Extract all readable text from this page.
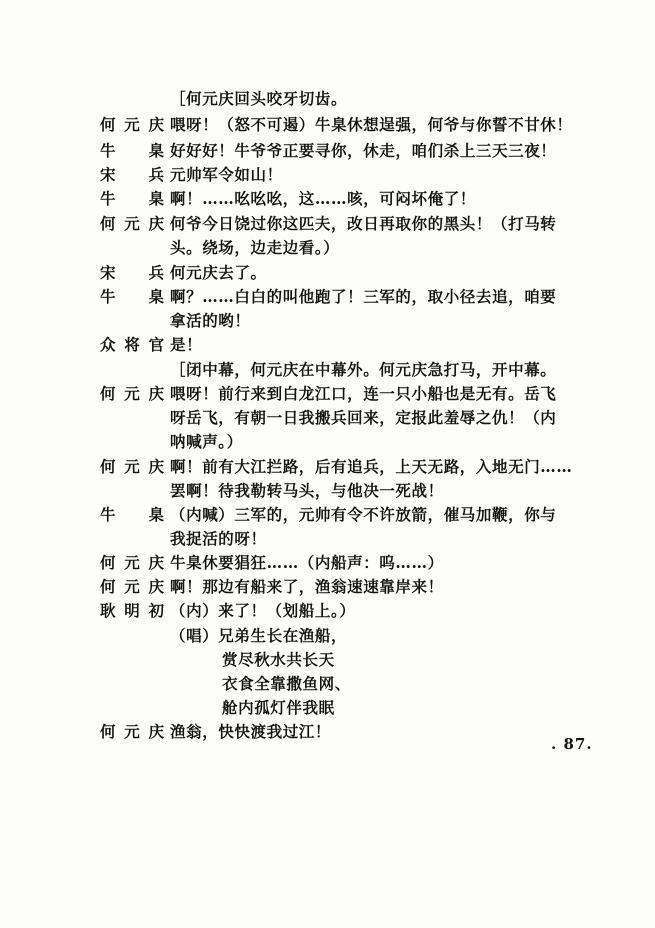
［何元庆回头咬牙切齿。
何元庆 喂呀！（怒不可遏）牛臬休想逞强，何爷与你誓不甘休！
牛　臬 好好好！牛爷爷正要寻你，休走，咱们杀上三天三夜！
宋　兵 元帅军令如山！
牛　臬 啊！……吆吆吆，这……咳，可闷坏俺了！
何元庆 何爷今日饶过你这匹夫，改日再取你的黑头！（打马转
头。绕场，边走边看。）
宋　兵 何元庆去了。
牛　臬 啊？……白白的叫他跑了！三军的，取小径去追，咱要
拿活的哟！
众将官 是！
［闭中幕，何元庆在中幕外。何元庆急打马，开中幕。
何元庆 喂呀！前行来到白龙江口，连一只小船也是无有。岳飞
呀岳飞，有朝一日我搬兵回来，定报此羞辱之仇！（内
呐喊声。）
何元庆 啊！前有大江拦路，后有追兵，上天无路，入地无门……
罢啊！待我勒转马头，与他决一死战！
牛　臬 （内喊）三军的，元帅有令不许放箭，催马加鞭，你与
我捉活的呀！
何元庆 牛臬休要猖狂……（内船声：呜……）
何元庆 啊！那边有船来了，渔翁速速靠岸来！
耿明初 （内）来了！（划船上。）
（唱）兄弟生长在渔船，
赏尽秋水共长天
衣食全靠撒鱼网、
舱内孤灯伴我眠
何元庆 渔翁，快快渡我过江！
. 87.
